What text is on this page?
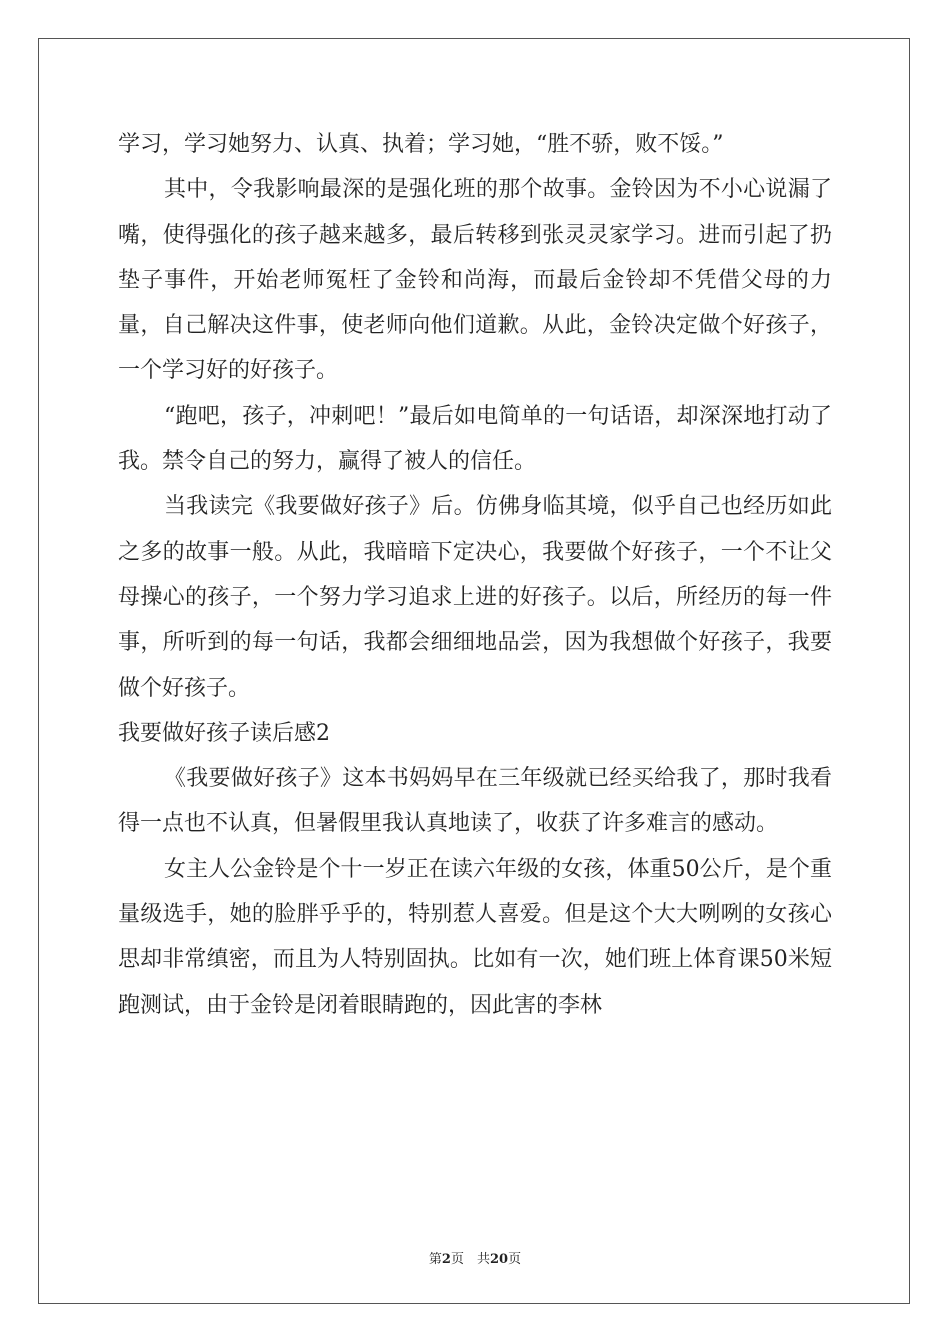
学习，学习她努力、认真、执着；学习她，“胜不骄，败不馁。”

其中，令我影响最深的是强化班的那个故事。金铃因为不小心说漏了嘴，使得强化的孩子越来越多，最后转移到张灵灵家学习。进而引起了扔垫子事件，开始老师冤枉了金铃和尚海，而最后金铃却不凭借父母的力量，自己解决这件事，使老师向他们道歉。从此，金铃决定做个好孩子，一个学习好的好孩子。

“跑吧，孩子，冲刺吧！”最后如电简单的一句话语，却深深地打动了我。禁令自己的努力，赢得了被人的信任。

当我读完《我要做好孩子》后。仿佛身临其境，似乎自己也经历如此之多的故事一般。从此，我暗暗下定决心，我要做个好孩子，一个不让父母操心的孩子，一个努力学习追求上进的好孩子。以后，所经历的每一件事，所听到的每一句话，我都会细细地品尝，因为我想做个好孩子，我要做个好孩子。

我要做好孩子读后感2

《我要做好孩子》这本书妈妈早在三年级就已经买给我了，那时我看得一点也不认真，但暑假里我认真地读了，收获了许多难言的感动。

女主人公金铃是个十一岁正在读六年级的女孩，体重50公斤，是个重量级选手，她的脸胖乎乎的，特别惹人喜爱。但是这个大大咧咧的女孩心思却非常缜密，而且为人特别固执。比如有一次，她们班上体育课50米短跑测试，由于金铃是闭着眼睛跑的，因此害的李林

第2页　共20页
